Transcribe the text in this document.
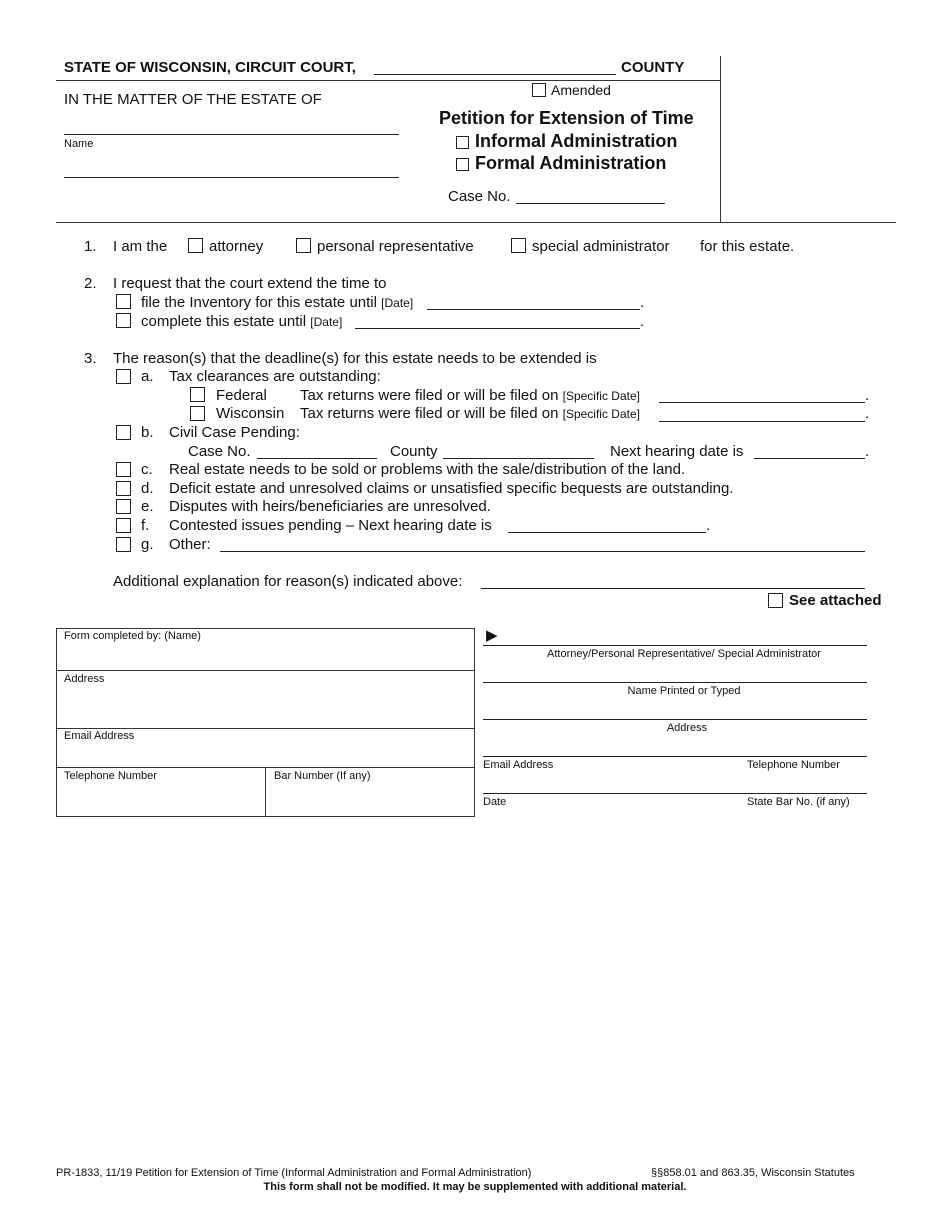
STATE OF WISCONSIN, CIRCUIT COURT,	COUNTY
IN THE MATTER OF THE ESTATE OF
Name
Amended
Petition for Extension of Time
Informal Administration
Formal Administration
Case No.
1. I am the	attorney	personal representative	special administrator for this estate.
2. I request that the court extend the time to
file the Inventory for this estate until [Date]	.
complete this estate until [Date]	.
3. The reason(s) that the deadline(s) for this estate needs to be extended is
a. Tax clearances are outstanding:
Federal Tax returns were filed or will be filed on [Specific Date]	.
Wisconsin Tax returns were filed or will be filed on [Specific Date]	.
b. Civil Case Pending:
Case No.	County	Next hearing date is	.
c. Real estate needs to be sold or problems with the sale/distribution of the land.
d. Deficit estate and unresolved claims or unsatisfied specific bequests are outstanding.
e. Disputes with heirs/beneficiaries are unresolved.
f. Contested issues pending – Next hearing date is	.
g. Other:
Additional explanation for reason(s) indicated above:
See attached
Form completed by: (Name)
Address
Email Address
Telephone Number	Bar Number (If any)
▶
Attorney/Personal Representative/ Special Administrator
Name Printed or Typed
Address
Email Address	Telephone Number
Date	State Bar No. (if any)
PR-1833, 11/19 Petition for Extension of Time (Informal Administration and Formal Administration)	§§858.01 and 863.35, Wisconsin Statutes
This form shall not be modified. It may be supplemented with additional material.
